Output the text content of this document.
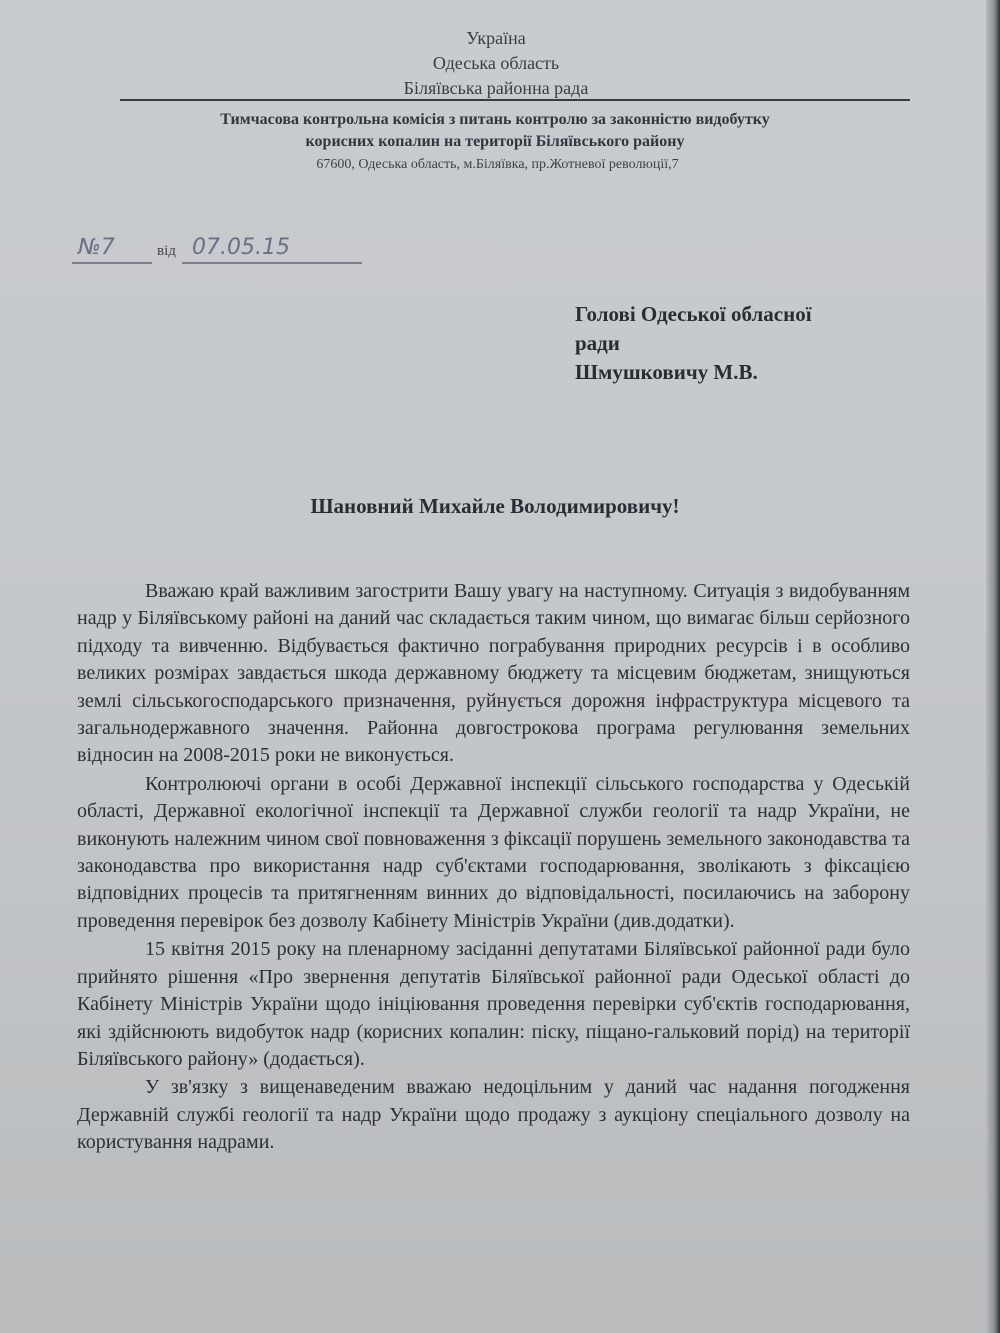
Україна
Одеська область
Біляївська районна рада
Тимчасова контрольна комісія з питань контролю за законністю видобутку
корисних копалин на території Біляївського району
67600, Одеська область, м.Біляївка, пр.Жотневої революції,7
№7	від 07.05.15
Голові Одеської обласної
ради
Шмушковичу М.В.
Шановний Михайле Володимировичу!

Вважаю край важливим загострити Вашу увагу на наступному. Ситуація з видобуванням надр у Біляївському районі на даний час складається таким чином, що вимагає більш серйозного підходу та вивченню. Відбувається фактично пограбування природних ресурсів і в особливо великих розмірах завдається шкода державному бюджету та місцевим бюджетам, знищуються землі сільськогосподарського призначення, руйнується дорожня інфраструктура місцевого та загальнодержавного значення. Районна довгострокова програма регулювання земельних відносин на 2008-2015 роки не виконується.

Контролюючі органи в особі Державної інспекції сільського господарства у Одеській області, Державної екологічної інспекції та Державної служби геології та надр України, не виконують належним чином свої повноваження з фіксації порушень земельного законодавства та законодавства про використання надр суб'єктами господарювання, зволікають з фіксацією відповідних процесів та притягненням винних до відповідальності, посилаючись на заборону проведення перевірок без дозволу Кабінету Міністрів України (див.додатки).

15 квітня 2015 року на пленарному засіданні депутатами Біляївської районної ради було прийнято рішення «Про звернення депутатів Біляївської районної ради Одеської області до Кабінету Міністрів України щодо ініціювання проведення перевірки суб'єктів господарювання, які здійснюють видобуток надр (корисних копалин: піску, піщано-гальковий порід) на території Біляївського району» (додається).

У зв'язку з вищенаведеним вважаю недоцільним у даний час надання погодження Державній службі геології та надр України щодо продажу з аукціону спеціального дозволу на користування надрами.
